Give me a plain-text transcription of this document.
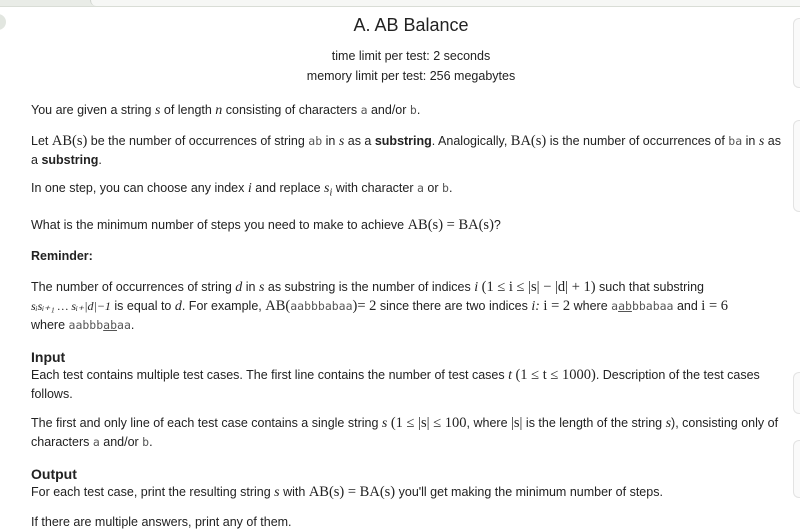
A. AB Balance
time limit per test: 2 seconds
memory limit per test: 256 megabytes

You are given a string s of length n consisting of characters a and/or b.

Let AB(s) be the number of occurrences of string ab in s as a substring. Analogically, BA(s) is the number of occurrences of ba in s as
a substring.

In one step, you can choose any index i and replace $s_i$ with character a or b.

What is the minimum number of steps you need to make to achieve AB(s) = BA(s)?

Reminder:

The number of occurrences of string d in s as substring is the number of indices i (1 ≤ i ≤ |s| − |d| + 1) such that substring
sᵢsᵢ₊₁ … sᵢ₊|d|−1 is equal to d. For example, AB(aabbbabaa)= 2 since there are two indices i: i = 2 where aabbbabaa and i = 6
where aabbbabaa.

Input

Each test contains multiple test cases. The first line contains the number of test cases t (1 ≤ t ≤ 1000). Description of the test cases
follows.

The first and only line of each test case contains a single string s (1 ≤ |s| ≤ 100, where |s| is the length of the string s), consisting only of
characters a and/or b.

Output

For each test case, print the resulting string s with AB(s) = BA(s) you'll get making the minimum number of steps.

If there are multiple answers, print any of them.
